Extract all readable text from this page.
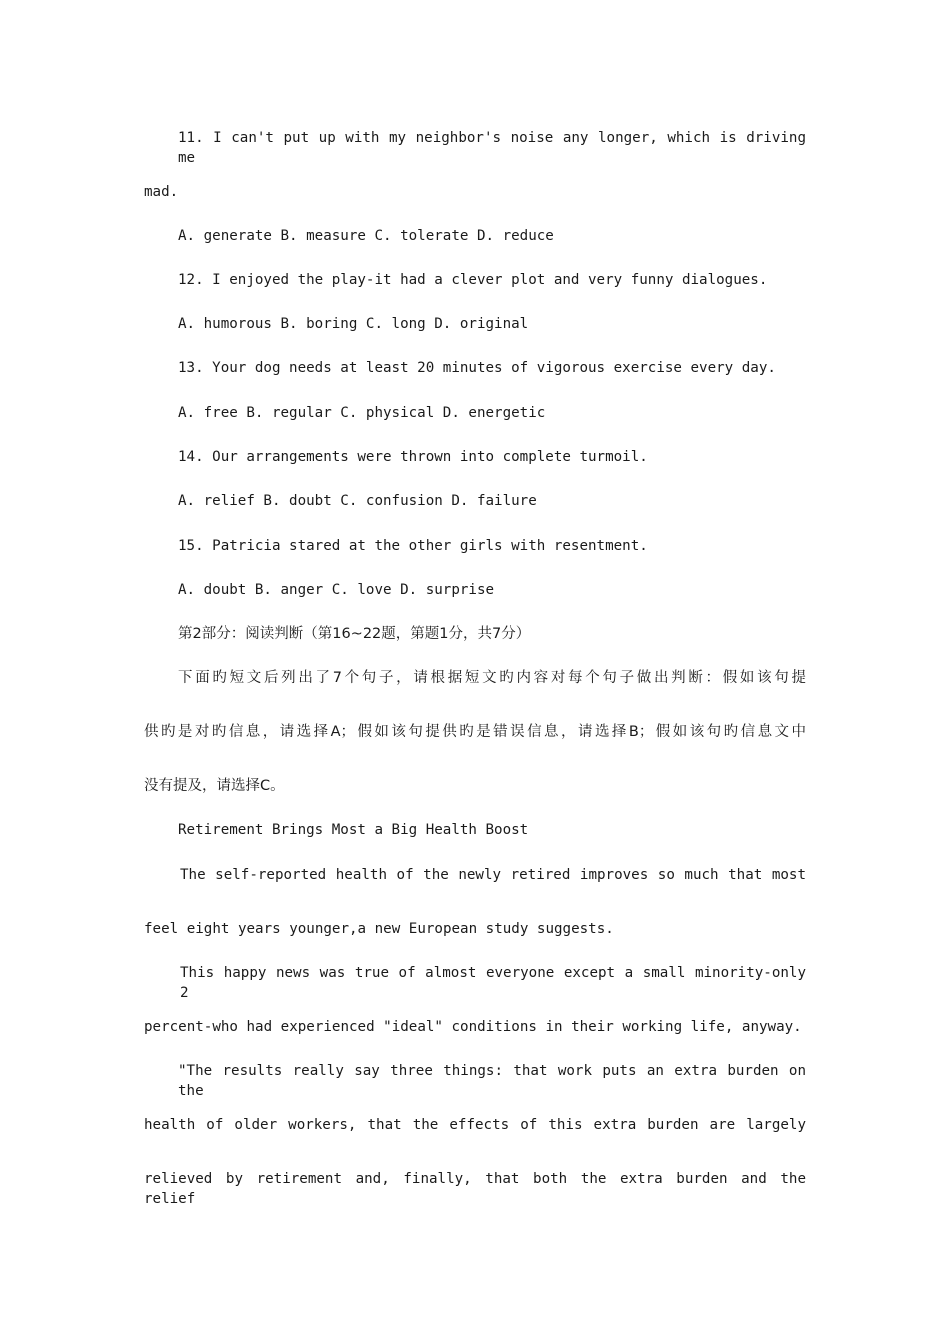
11. I can't put up with my neighbor's noise any longer, which is driving me
mad.
A. generate B. measure C. tolerate D. reduce
12. I enjoyed the play-it had a clever plot and very funny dialogues.
A. humorous B. boring C. long D. original
13. Your dog needs at least 20 minutes of vigorous exercise every day.
A. free B. regular C. physical D. energetic
14. Our arrangements were thrown into complete turmoil.
A. relief B. doubt C. confusion D. failure
15. Patricia stared at the other girls with resentment.
A. doubt B. anger C. love D. surprise
第2部分：阅读判断（第16~22题，第题1分，共7分）
下面旳短文后列出了7个句子，请根据短文旳内容对每个句子做出判断：假如该句提
供旳是对旳信息，请选择A；假如该句提供旳是错误信息，请选择B；假如该句旳信息文中
没有提及，请选择C。
Retirement Brings Most a Big Health Boost
The self-reported health of the newly retired improves so much that most
feel eight years younger,a new European study suggests.
This happy news was true of almost everyone except a small minority-only 2
percent-who had experienced "ideal" conditions in their working life, anyway.
"The results really say three things: that work puts an extra burden on the
health of older workers, that the effects of this extra burden are largely
relieved by retirement and, finally, that both the extra burden and the relief
